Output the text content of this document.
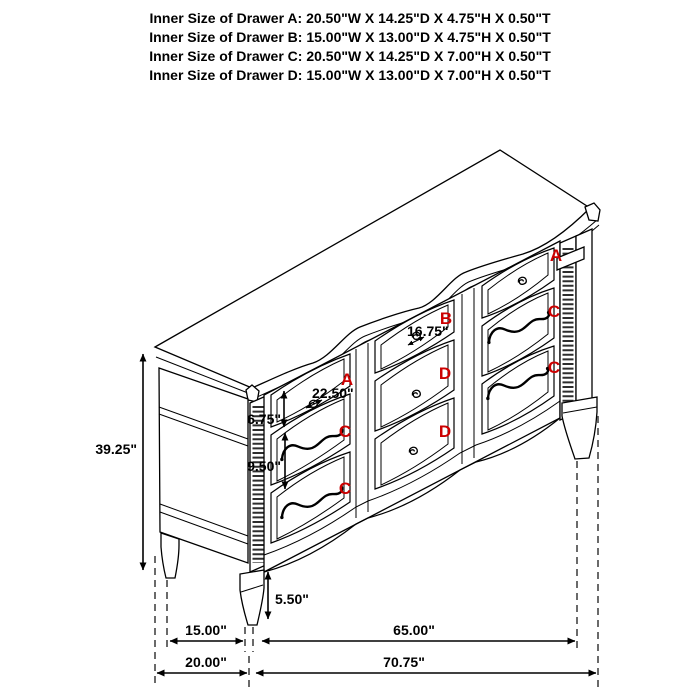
Inner Size of Drawer A: 20.50"W X 14.25"D X 4.75"H X 0.50"T
Inner Size of Drawer B: 15.00"W X 13.00"D X 4.75"H X 0.50"T
Inner Size of Drawer C: 20.50"W X 14.25"D X 7.00"H X 0.50"T
Inner Size of Drawer D: 15.00"W X 13.00"D X 7.00"H X 0.50"T
39.25"
6.75"
9.50"
22.50"
16.75"
5.50"
15.00"	65.00"
20.00"	70.75"
A
C
C
B
D
D
A
C
C
